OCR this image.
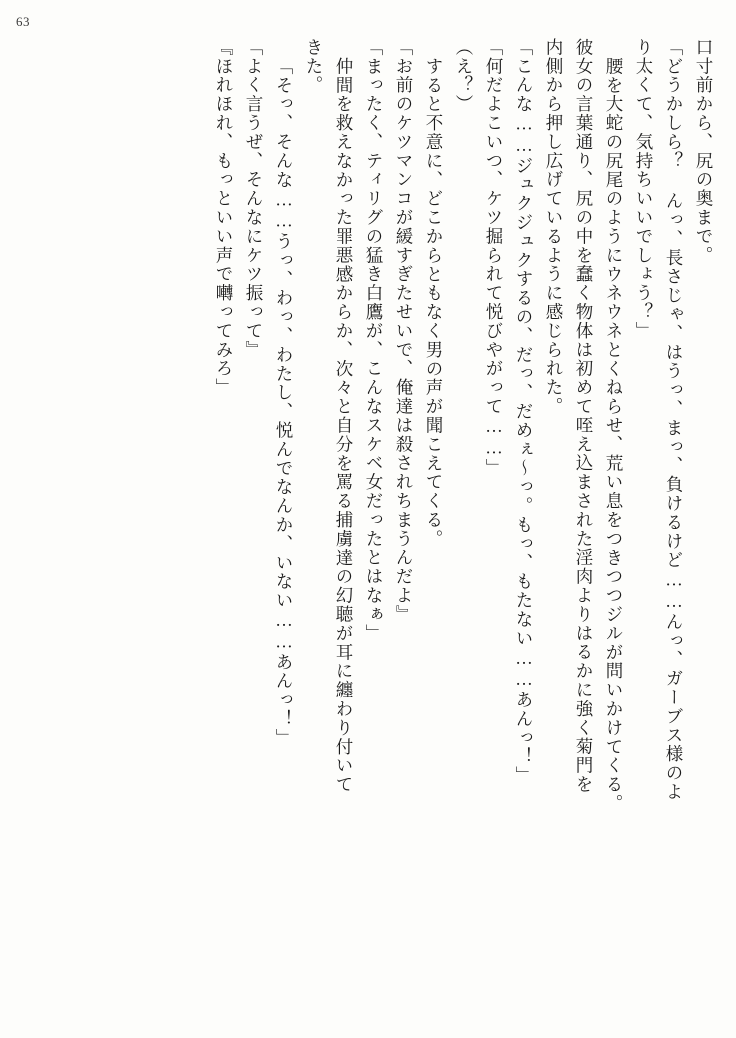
63
口寸前から、尻の奥まで。
「どうかしら？ んっ、長さじゃ、はうっ、まっ、負けるけど……んっ、ガーブス様のよ
り太くて、気持ちいいでしょう？」
腰を大蛇の尻尾のようにウネウネとくねらせ、荒い息をつきつつジルが問いかけてくる。
彼女の言葉通り、尻の中を蠢く物体は初めて咥え込まされた淫肉よりはるかに強く菊門を
内側から押し広げているように感じられた。
「こんな……ジュクジュクするの、だっ、だめぇ～っ。もっ、もたない……あんっ！」
「何だよこいつ、ケツ掘られて悦びやがって……」
（え？）
すると不意に、どこからともなく男の声が聞こえてくる。
「お前のケツマンコが緩すぎたせいで、俺達は殺されちまうんだよ』
「まったく、ティリグの猛き白鷹が、こんなスケベ女だったとはなぁ」
仲間を救えなかった罪悪感からか、次々と自分を罵る捕虜達の幻聴が耳に纏わり付いて
きた。
「そっ、そんな……うっ、わっ、わたし、悦んでなんか、いない……あんっ！」
「よく言うぜ、そんなにケツ振って』
『ほれほれ、もっといい声で囀ってみろ」
